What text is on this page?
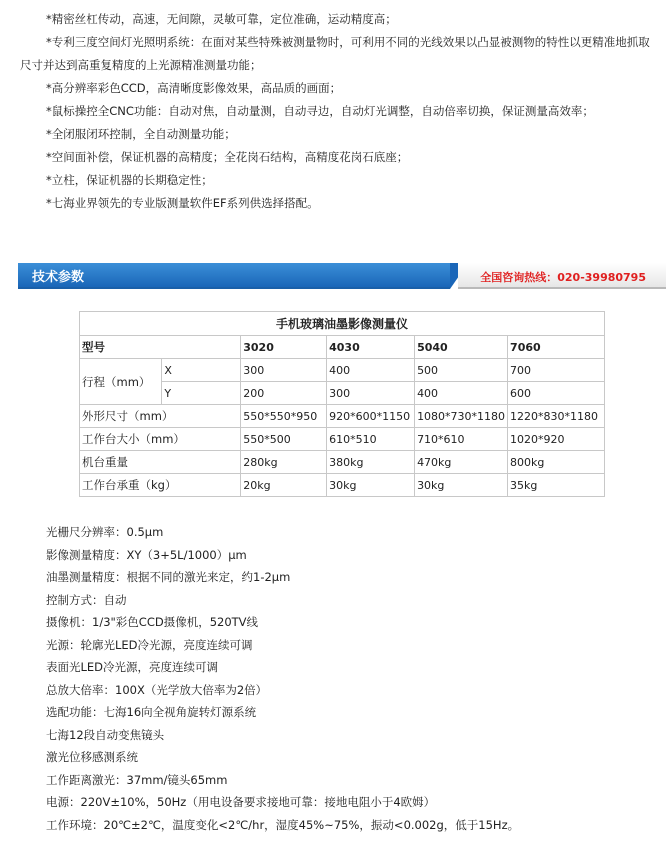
*精密丝杠传动，高速，无间隙，灵敏可靠，定位准确，运动精度高；
*专利三度空间灯光照明系统：在面对某些特殊被测量物时，可利用不同的光线效果以凸显被测物的特性以更精准地抓取尺寸并达到高重复精度的上光源精准测量功能；
*高分辨率彩色CCD，高清晰度影像效果，高品质的画面；
*鼠标操控全CNC功能：自动对焦，自动量测，自动寻边，自动灯光调整，自动倍率切换，保证测量高效率；
*全闭服闭环控制，全自动测量功能；
*空间面补偿，保证机器的高精度；全花岗石结构，高精度花岗石底座；
*立柱，保证机器的长期稳定性；
*七海业界领先的专业版测量软件EF系列供选择搭配。
技术参数	全国咨询热线：020-39980795
手机玻璃油墨影像测量仪					
型号		3020	4030	5040	7060
行程（mm）	X	300	400	500	700
	Y	200	300	400	600
外形尺寸（mm）		550*550*950	920*600*1150	1080*730*1180	1220*830*1180
工作台大小（mm）		550*500	610*510	710*610	1020*920
机台重量		280kg	380kg	470kg	800kg
工作台承重（kg）		20kg	30kg	30kg	35kg
光栅尺分辨率：0.5μm
影像测量精度：XY（3+5L/1000）μm
油墨测量精度：根据不同的激光来定，约1-2μm
控制方式：自动
摄像机：1/3"彩色CCD摄像机，520TV线
光源：轮廓光LED冷光源，亮度连续可调
表面光LED冷光源，亮度连续可调
总放大倍率：100X（光学放大倍率为2倍）
选配功能：七海16向全视角旋转灯源系统
七海12段自动变焦镜头
激光位移感测系统
工作距离激光：37mm/镜头65mm
电源：220V±10%，50Hz（用电设备要求接地可靠：接地电阻小于4欧姆）
工作环境：20℃±2℃，温度变化<2℃/hr，湿度45%~75%，振动<0.002g，低于15Hz。
